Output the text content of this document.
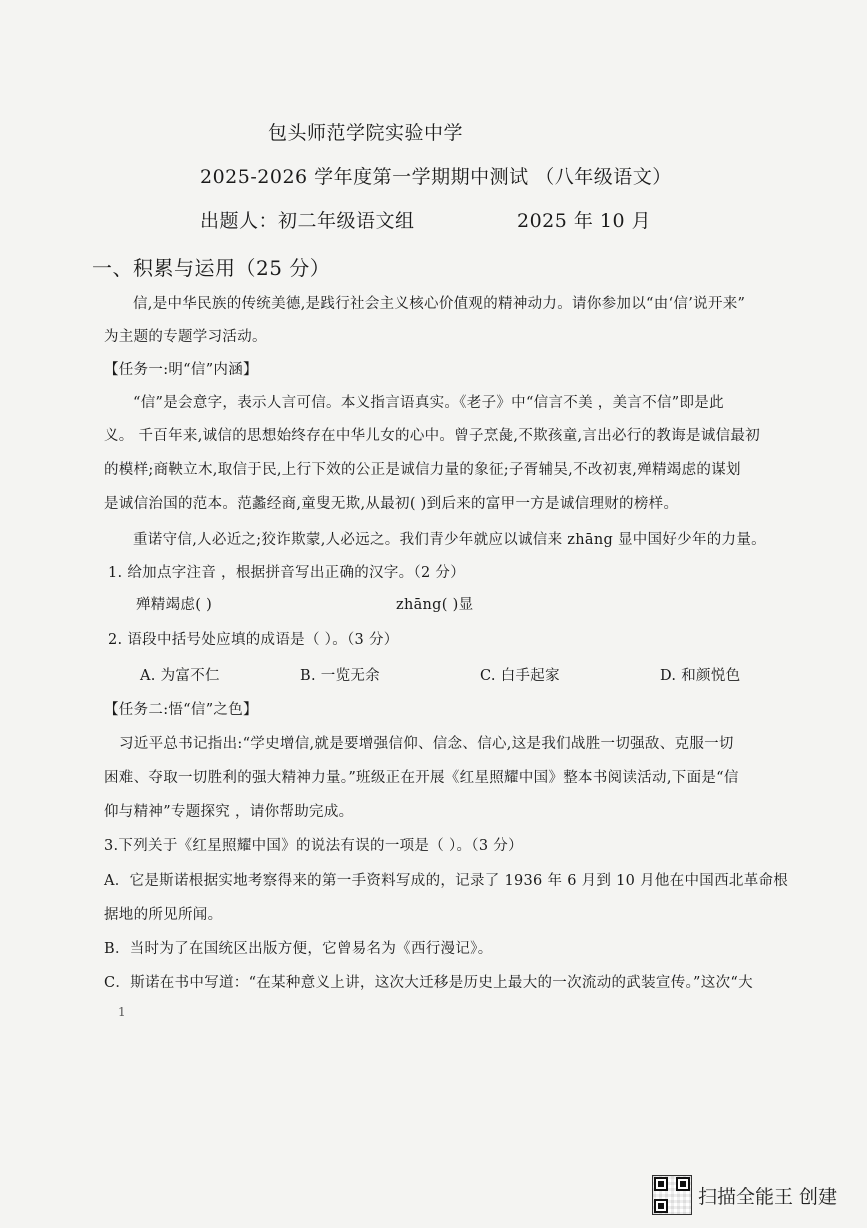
包头师范学院实验中学
2025-2026 学年度第一学期期中测试 （八年级语文）
出题人：初二年级语文组	2025 年 10 月
一、积累与运用（25 分）
信,是中华民族的传统美德,是践行社会主义核心价值观的精神动力。请你参加以“由‘信’说开来”
为主题的专题学习活动。
【任务一:明“信”内涵】
“信”是会意字，表示人言可信。本义指言语真实。《老子》中“信言不美 ，美言不信”即是此
义。 千百年来,诚信的思想始终存在中华儿女的心中。曾子烹彘,不欺孩童,言出必行的教诲是诚信最初
的模样;商鞅立木,取信于民,上行下效的公正是诚信力量的象征;子胥辅吴,不改初衷,殚精竭虑的谋划
是诚信治国的范本。范蠡经商,童叟无欺,从最初( )到后来的富甲一方是诚信理财的榜样。
重诺守信,人必近之;狡诈欺蒙,人必远之。我们青少年就应以诚信来 zhāng 显中国好少年的力量。
1. 给加点字注音 ，根据拼音写出正确的汉字。（2 分）
殚精竭虑( )	zhāng( )显
2. 语段中括号处应填的成语是（ ）。（3 分）
A. 为富不仁	B. 一览无余	C. 白手起家	D. 和颜悦色
【任务二:悟“信”之色】
习近平总书记指出:“学史增信,就是要增强信仰、信念、信心,这是我们战胜一切强敌、克服一切
困难、夺取一切胜利的强大精神力量。”班级正在开展《红星照耀中国》整本书阅读活动,下面是“信
仰与精神”专题探究 ，请你帮助完成。
3.下列关于《红星照耀中国》的说法有误的一项是（ ）。（3 分）
A．它是斯诺根据实地考察得来的第一手资料写成的，记录了 1936 年 6 月到 10 月他在中国西北革命根
据地的所见所闻。
B．当时为了在国统区出版方便，它曾易名为《西行漫记》。
C．斯诺在书中写道：“在某种意义上讲，这次大迁移是历史上最大的一次流动的武装宣传。”这次“大
1
扫描全能王 创建
